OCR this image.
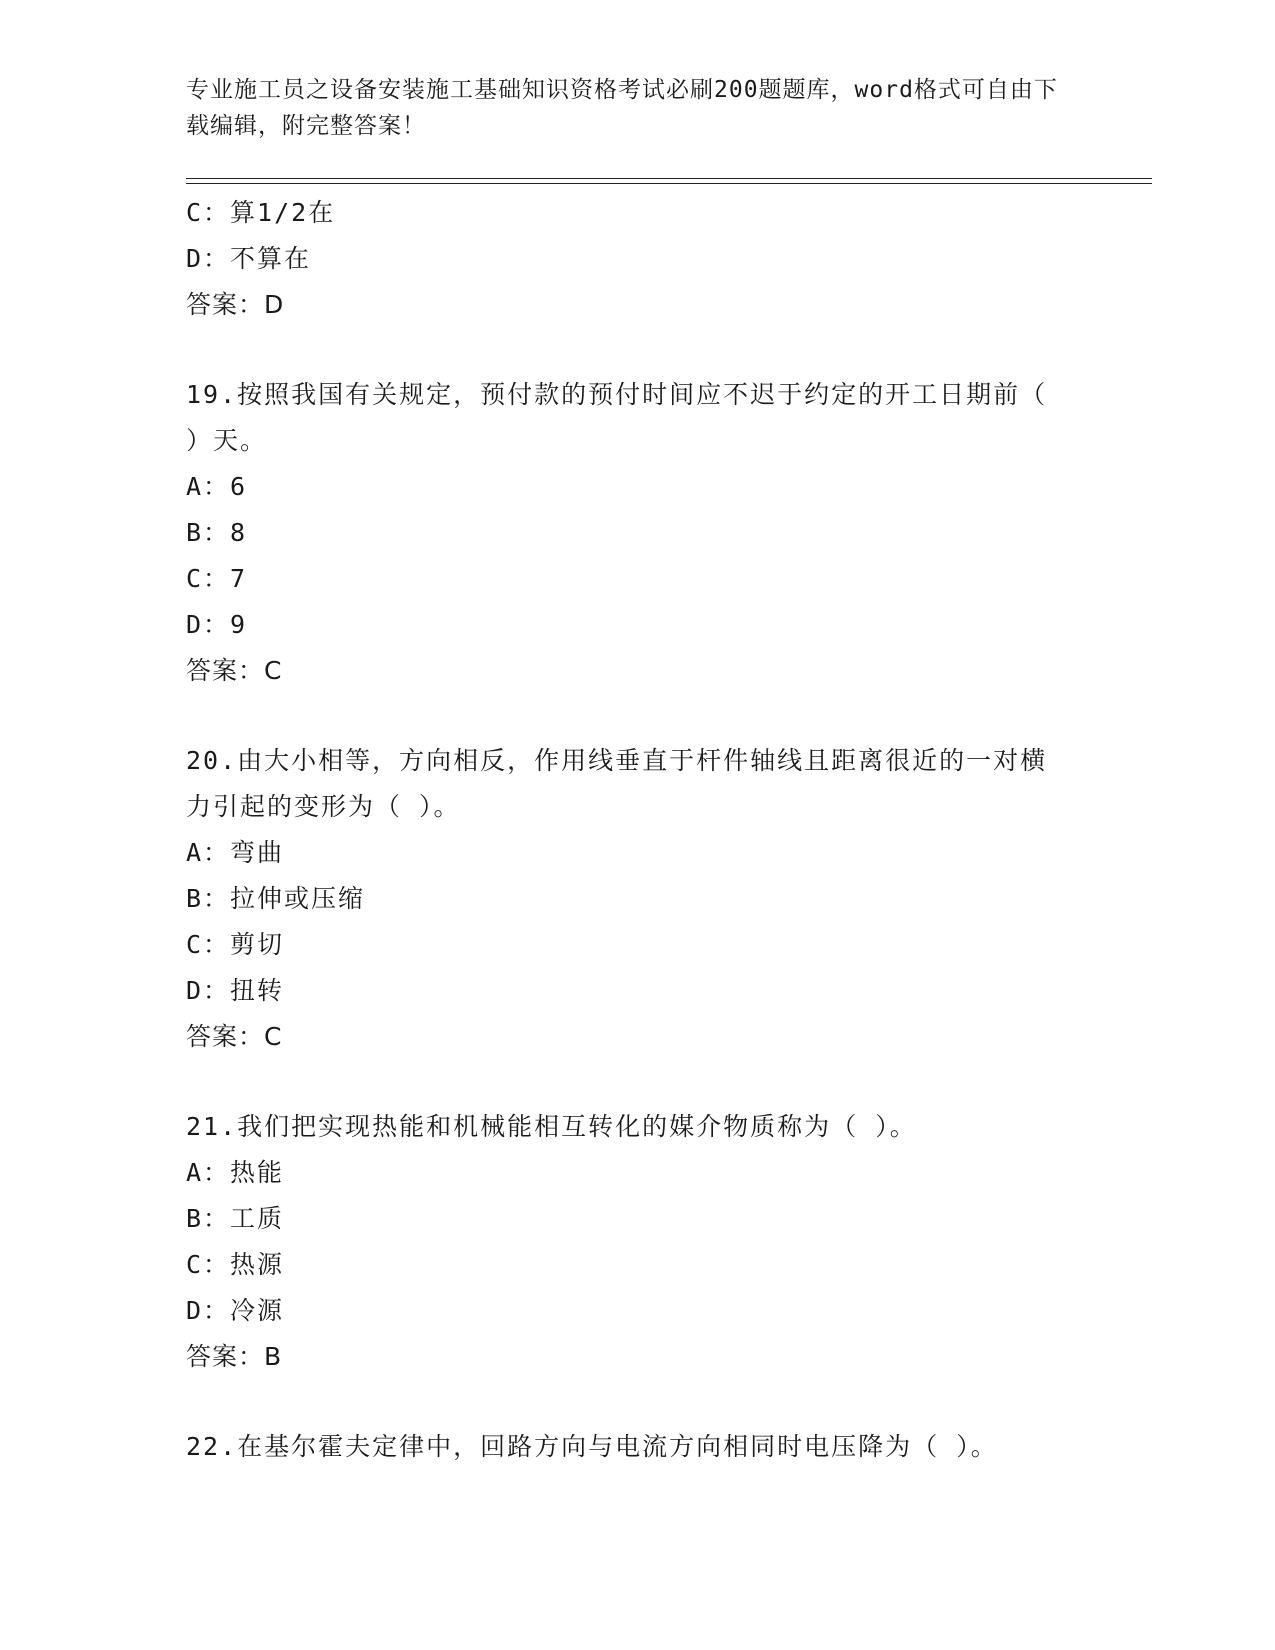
专业施工员之设备安装施工基础知识资格考试必刷200题题库，word格式可自由下载编辑，附完整答案！
C：算1/2在
D：不算在
答案：D
19.按照我国有关规定，预付款的预付时间应不迟于约定的开工日期前（ ）天。
A：6
B：8
C：7
D：9
答案：C
20.由大小相等，方向相反，作用线垂直于杆件轴线且距离很近的一对横力引起的变形为（ ）。
A：弯曲
B：拉伸或压缩
C：剪切
D：扭转
答案：C
21.我们把实现热能和机械能相互转化的媒介物质称为（ ）。
A：热能
B：工质
C：热源
D：冷源
答案：B
22.在基尔霍夫定律中，回路方向与电流方向相同时电压降为（ ）。
